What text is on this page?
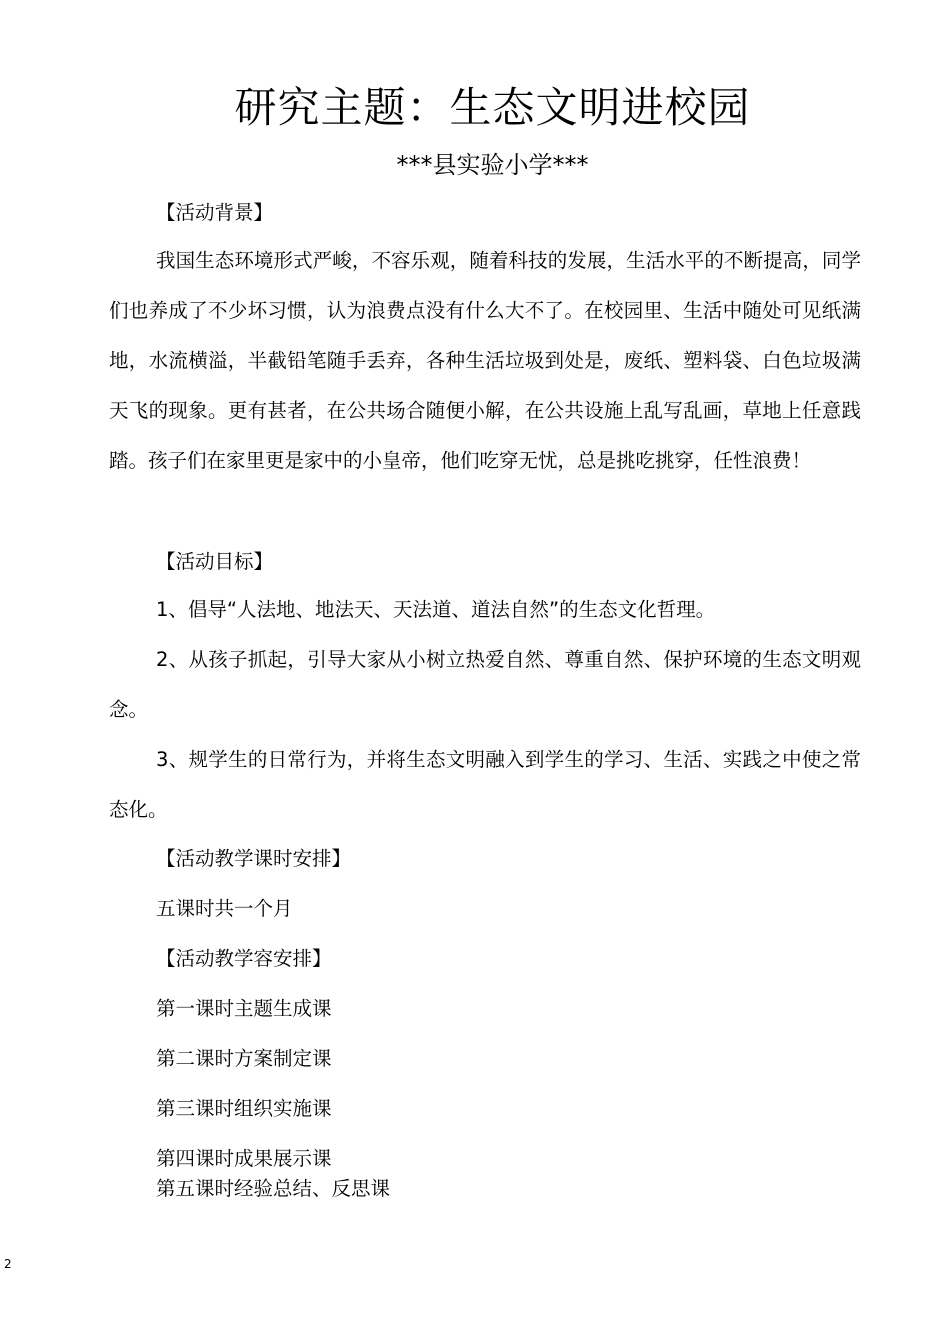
研究主题：生态文明进校园
***县实验小学***
【活动背景】

我国生态环境形式严峻，不容乐观，随着科技的发展，生活水平的不断提高，同学们也养成了不少坏习惯，认为浪费点没有什么大不了。在校园里、生活中随处可见纸满地，水流横溢，半截铅笔随手丢弃，各种生活垃圾到处是，废纸、塑料袋、白色垃圾满天飞的现象。更有甚者，在公共场合随便小解，在公共设施上乱写乱画，草地上任意践踏。孩子们在家里更是家中的小皇帝，他们吃穿无忧，总是挑吃挑穿，任性浪费！

【活动目标】

1、倡导“人法地、地法天、天法道、道法自然”的生态文化哲理。

2、从孩子抓起，引导大家从小树立热爱自然、尊重自然、保护环境的生态文明观念。

3、规学生的日常行为，并将生态文明融入到学生的学习、生活、实践之中使之常态化。

【活动教学课时安排】
五课时共一个月
【活动教学容安排】
第一课时主题生成课
第二课时方案制定课
第三课时组织实施课
第四课时成果展示课
第五课时经验总结、反思课
2
